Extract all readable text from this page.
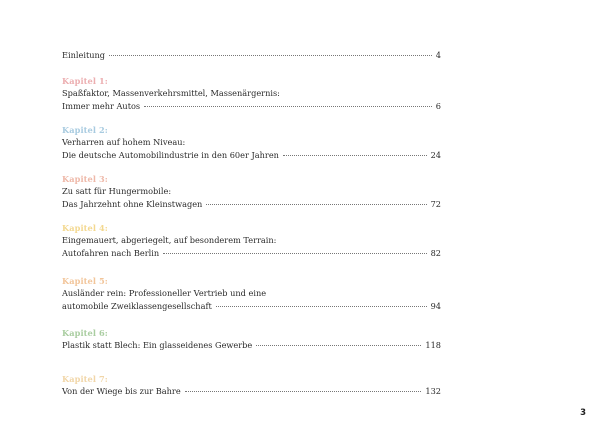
Einleitung	4
Kapitel 1:
Spaßfaktor, Massenverkehrsmittel, Massenärgernis:
Immer mehr Autos	6
Kapitel 2:
Verharren auf hohem Niveau:
Die deutsche Automobilindustrie in den 60er Jahren	24
Kapitel 3:
Zu satt für Hungermobile:
Das Jahrzehnt ohne Kleinstwagen	72
Kapitel 4:
Eingemauert, abgeriegelt, auf besonderem Terrain:
Autofahren nach Berlin	82
Kapitel 5:
Ausländer rein: Professioneller Vertrieb und eine
automobile Zweiklassengesellschaft	94
Kapitel 6:
Plastik statt Blech: Ein glasseidenes Gewerbe	118
Kapitel 7:
Von der Wiege bis zur Bahre	132
3
